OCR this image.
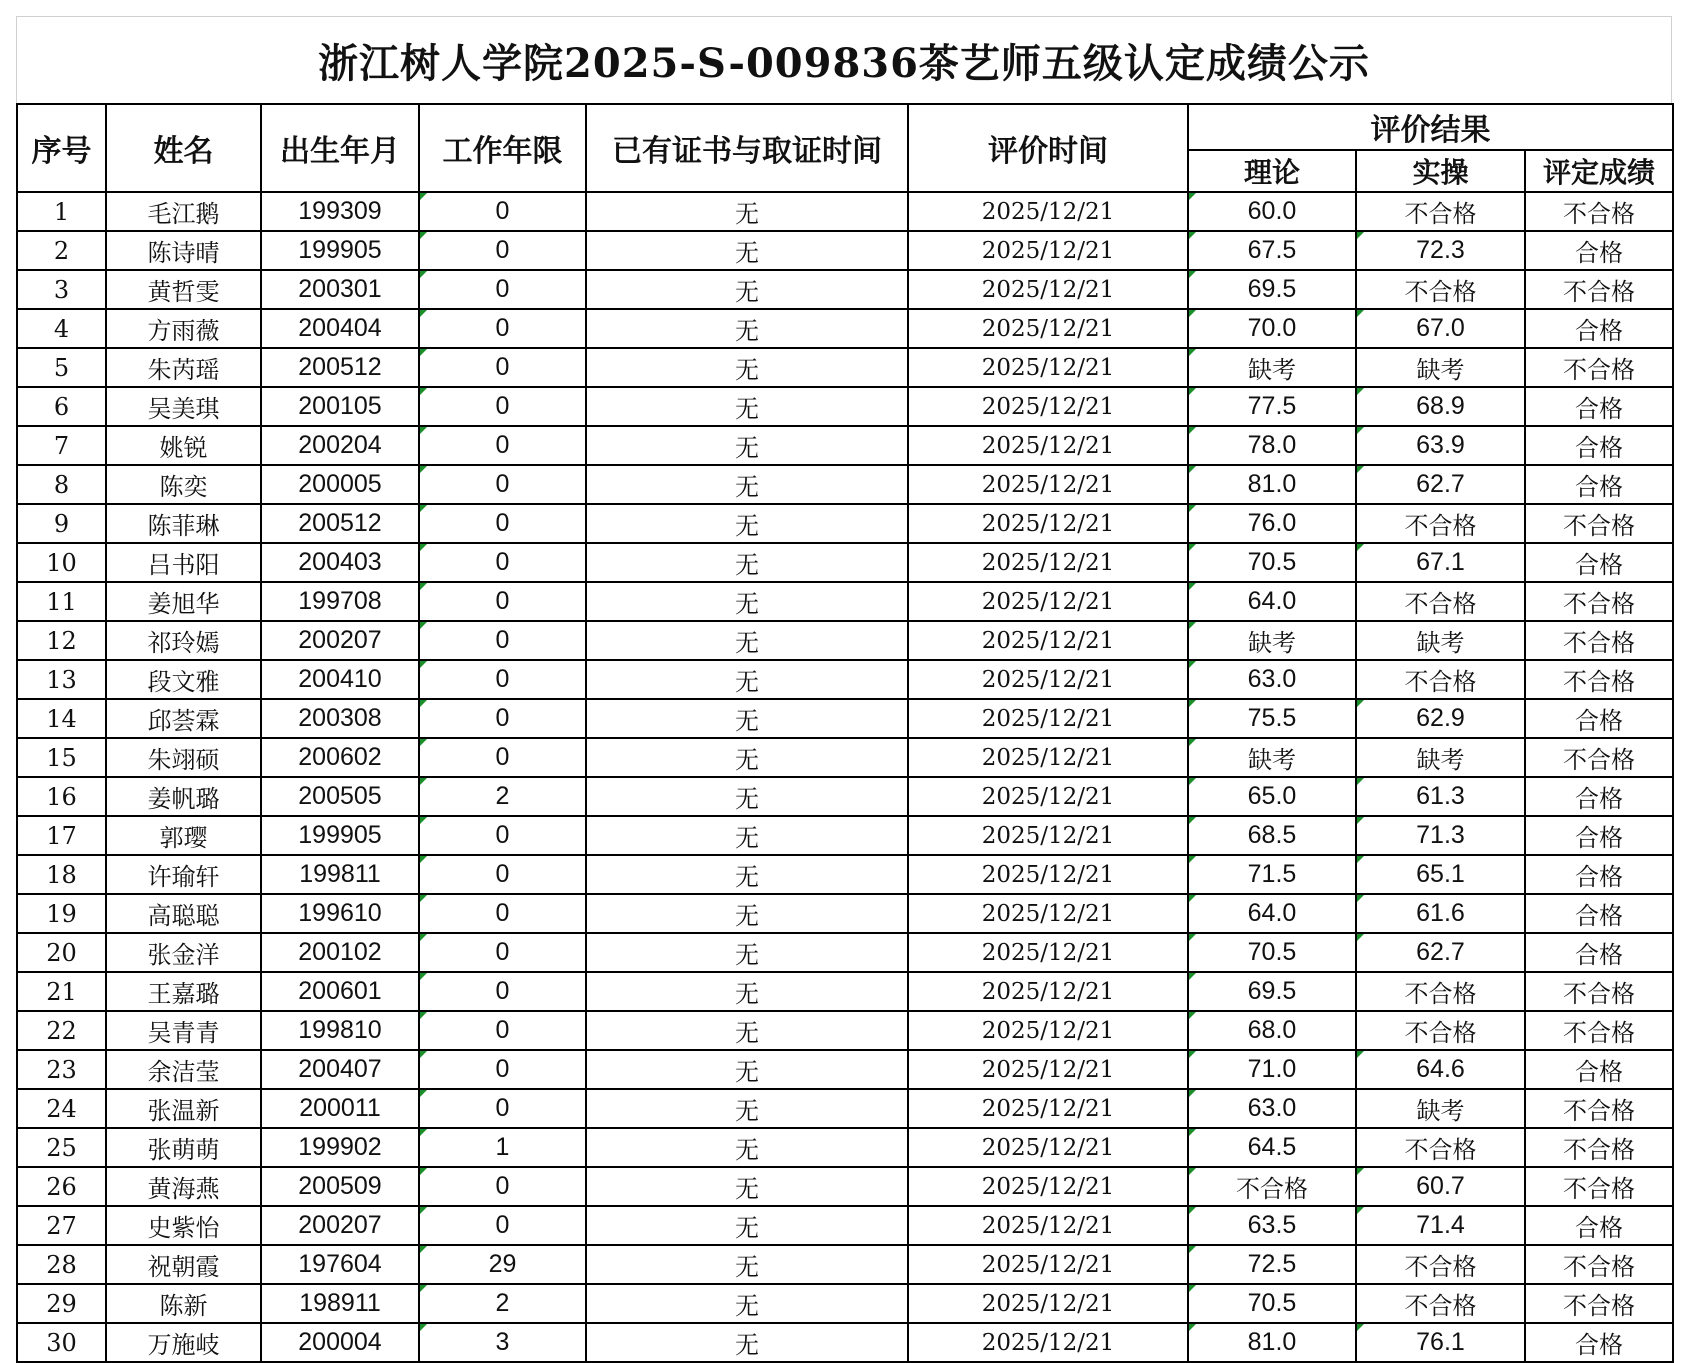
浙江树人学院2025-S-009836茶艺师五级认定成绩公示
序号	姓名	出生年月	工作年限	已有证书与取证时间	评价时间	评价结果		
						理论	实操	评定成绩
1	毛江鹅	199309	0	无	2025/12/21	60.0	不合格	不合格
2	陈诗晴	199905	0	无	2025/12/21	67.5	72.3	合格
3	黄哲雯	200301	0	无	2025/12/21	69.5	不合格	不合格
4	方雨薇	200404	0	无	2025/12/21	70.0	67.0	合格
5	朱芮瑶	200512	0	无	2025/12/21	缺考	缺考	不合格
6	吴美琪	200105	0	无	2025/12/21	77.5	68.9	合格
7	姚锐	200204	0	无	2025/12/21	78.0	63.9	合格
8	陈奕	200005	0	无	2025/12/21	81.0	62.7	合格
9	陈菲琳	200512	0	无	2025/12/21	76.0	不合格	不合格
10	吕书阳	200403	0	无	2025/12/21	70.5	67.1	合格
11	姜旭华	199708	0	无	2025/12/21	64.0	不合格	不合格
12	祁玲嫣	200207	0	无	2025/12/21	缺考	缺考	不合格
13	段文雅	200410	0	无	2025/12/21	63.0	不合格	不合格
14	邱荟霖	200308	0	无	2025/12/21	75.5	62.9	合格
15	朱翊硕	200602	0	无	2025/12/21	缺考	缺考	不合格
16	姜帆璐	200505	2	无	2025/12/21	65.0	61.3	合格
17	郭璎	199905	0	无	2025/12/21	68.5	71.3	合格
18	许瑜轩	199811	0	无	2025/12/21	71.5	65.1	合格
19	高聪聪	199610	0	无	2025/12/21	64.0	61.6	合格
20	张金洋	200102	0	无	2025/12/21	70.5	62.7	合格
21	王嘉璐	200601	0	无	2025/12/21	69.5	不合格	不合格
22	吴青青	199810	0	无	2025/12/21	68.0	不合格	不合格
23	余洁莹	200407	0	无	2025/12/21	71.0	64.6	合格
24	张温新	200011	0	无	2025/12/21	63.0	缺考	不合格
25	张萌萌	199902	1	无	2025/12/21	64.5	不合格	不合格
26	黄海燕	200509	0	无	2025/12/21	不合格	60.7	不合格
27	史紫怡	200207	0	无	2025/12/21	63.5	71.4	合格
28	祝朝霞	197604	29	无	2025/12/21	72.5	不合格	不合格
29	陈新	198911	2	无	2025/12/21	70.5	不合格	不合格
30	万施岐	200004	3	无	2025/12/21	81.0	76.1	合格
